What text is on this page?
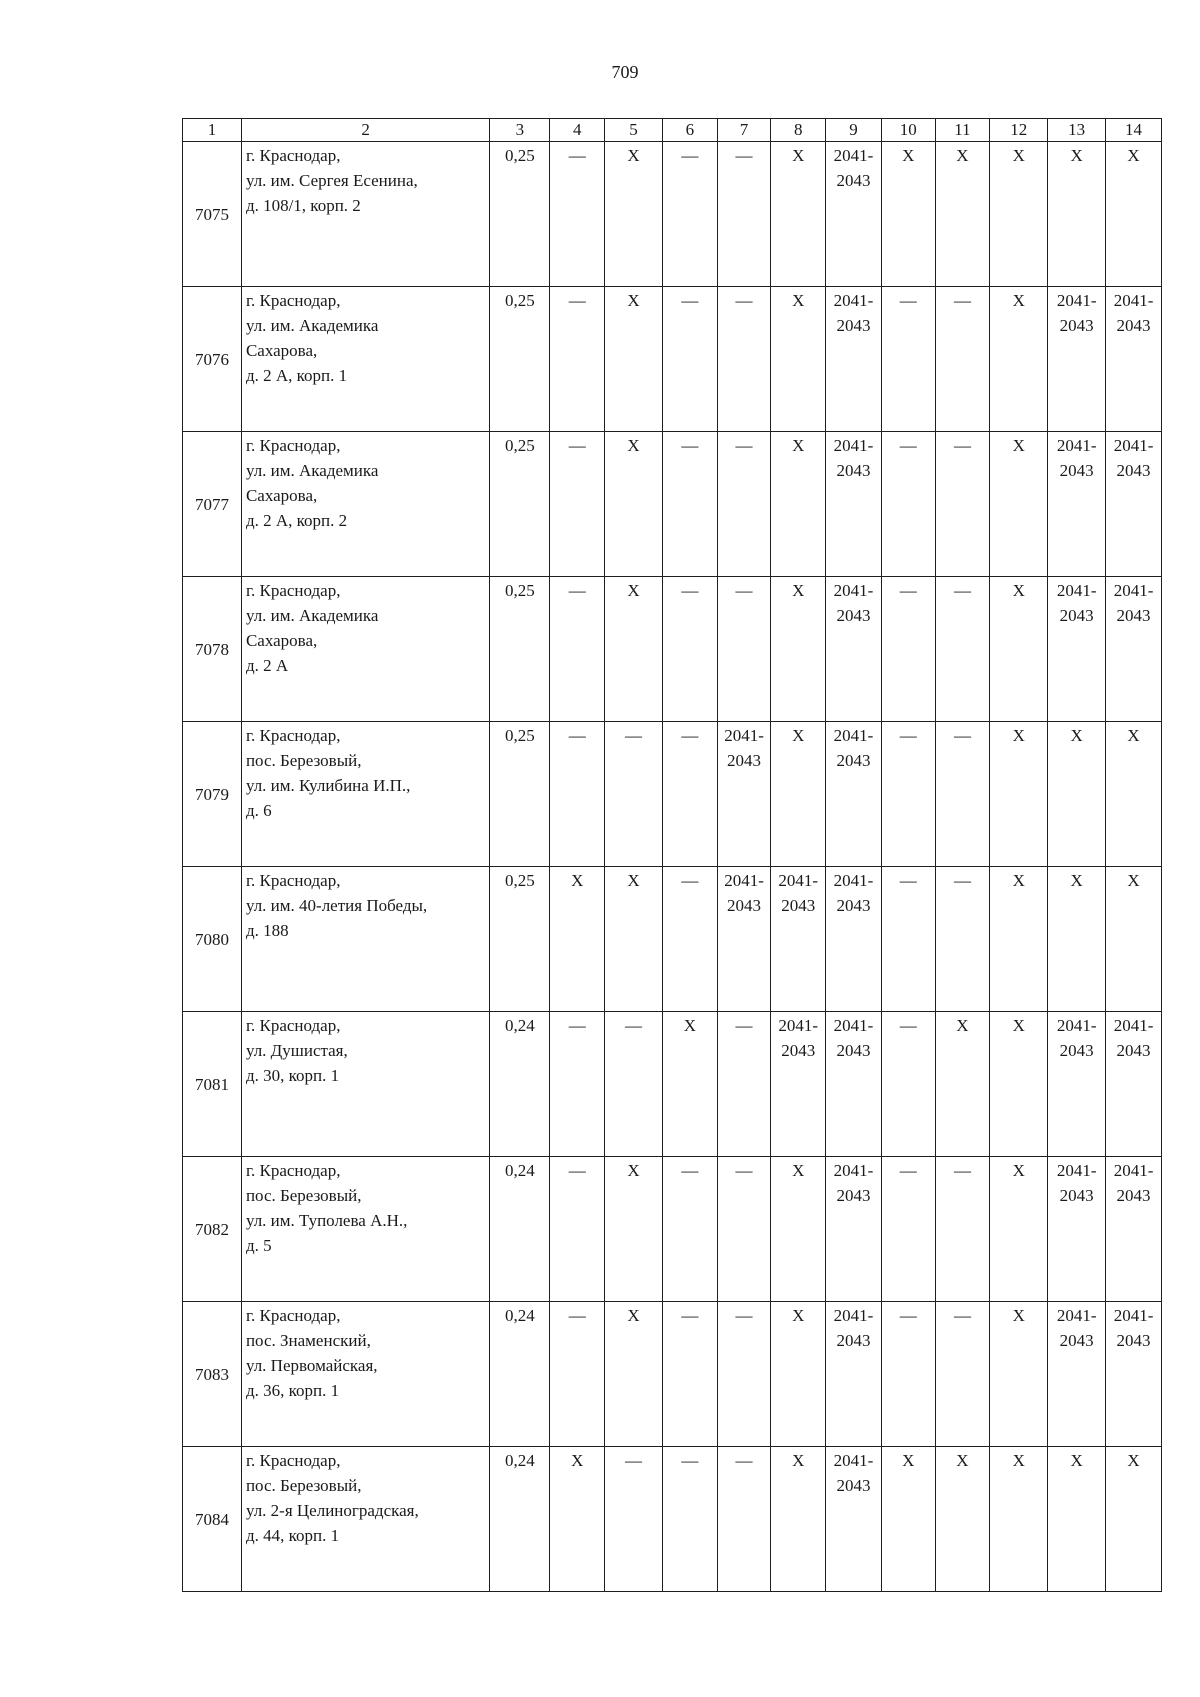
709
1	2	3	4	5	6	7	8	9	10	11	12	13	14
7075	г. Краснодар,
ул. им. Сергея Есенина,
д. 108/1, корп. 2	0,25	—	X	—	—	X	2041-
2043	X	X	X	X	X
7076	г. Краснодар,
ул. им. Академика
Сахарова,
д. 2 А, корп. 1	0,25	—	X	—	—	X	2041-
2043	—	—	X	2041-
2043	2041-
2043
7077	г. Краснодар,
ул. им. Академика
Сахарова,
д. 2 А, корп. 2	0,25	—	X	—	—	X	2041-
2043	—	—	X	2041-
2043	2041-
2043
7078	г. Краснодар,
ул. им. Академика
Сахарова,
д. 2 А	0,25	—	X	—	—	X	2041-
2043	—	—	X	2041-
2043	2041-
2043
7079	г. Краснодар,
пос. Березовый,
ул. им. Кулибина И.П.,
д. 6	0,25	—	—	—	2041-
2043	X	2041-
2043	—	—	X	X	X
7080	г. Краснодар,
ул. им. 40-летия Победы,
д. 188	0,25	X	X	—	2041-
2043	2041-
2043	2041-
2043	—	—	X	X	X
7081	г. Краснодар,
ул. Душистая,
д. 30, корп. 1	0,24	—	—	X	—	2041-
2043	2041-
2043	—	X	X	2041-
2043	2041-
2043
7082	г. Краснодар,
пос. Березовый,
ул. им. Туполева А.Н.,
д. 5	0,24	—	X	—	—	X	2041-
2043	—	—	X	2041-
2043	2041-
2043
7083	г. Краснодар,
пос. Знаменский,
ул. Первомайская,
д. 36, корп. 1	0,24	—	X	—	—	X	2041-
2043	—	—	X	2041-
2043	2041-
2043
7084	г. Краснодар,
пос. Березовый,
ул. 2-я Целиноградская,
д. 44, корп. 1	0,24	X	—	—	—	X	2041-
2043	X	X	X	X	X
